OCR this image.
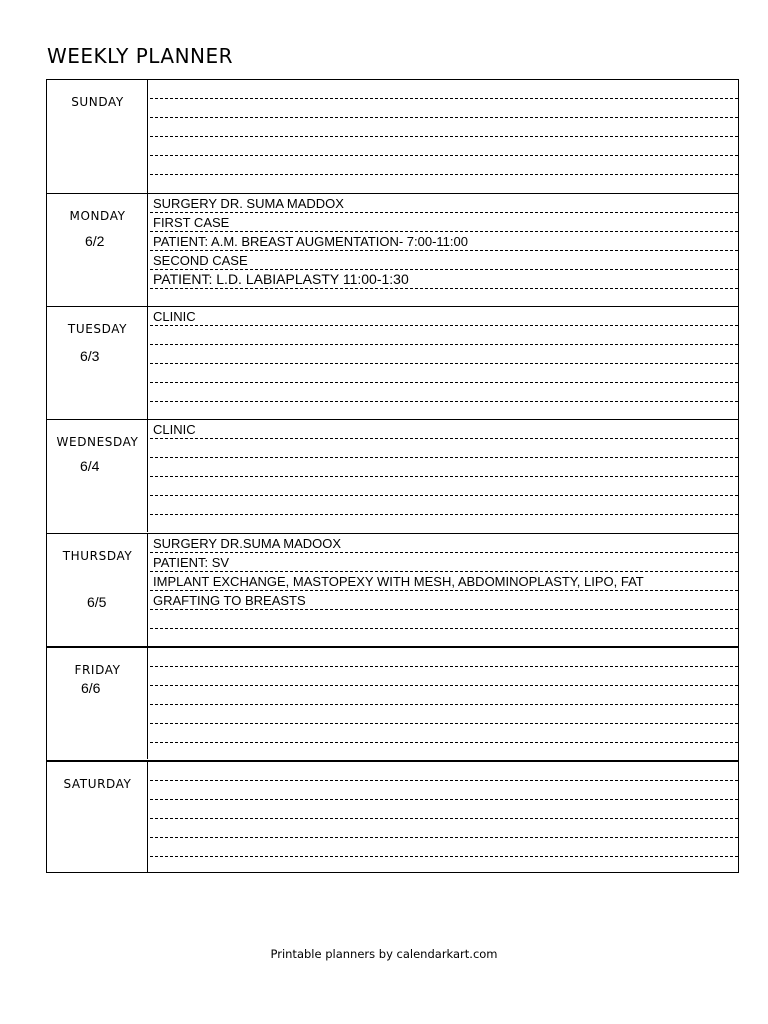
WEEKLY PLANNER
SUNDAY
MONDAY
6/2
SURGERY DR. SUMA MADDOX
FIRST CASE
PATIENT: A.M. BREAST AUGMENTATION- 7:00-11:00
SECOND CASE
PATIENT: L.D. LABIAPLASTY 11:00-1:30
TUESDAY
6/3
CLINIC
WEDNESDAY
6/4
CLINIC
THURSDAY
6/5
SURGERY DR.SUMA MADOOX
PATIENT: SV
IMPLANT EXCHANGE, MASTOPEXY WITH MESH, ABDOMINOPLASTY, LIPO, FAT
GRAFTING TO BREASTS
FRIDAY
6/6
SATURDAY
Printable planners by calendarkart.com
